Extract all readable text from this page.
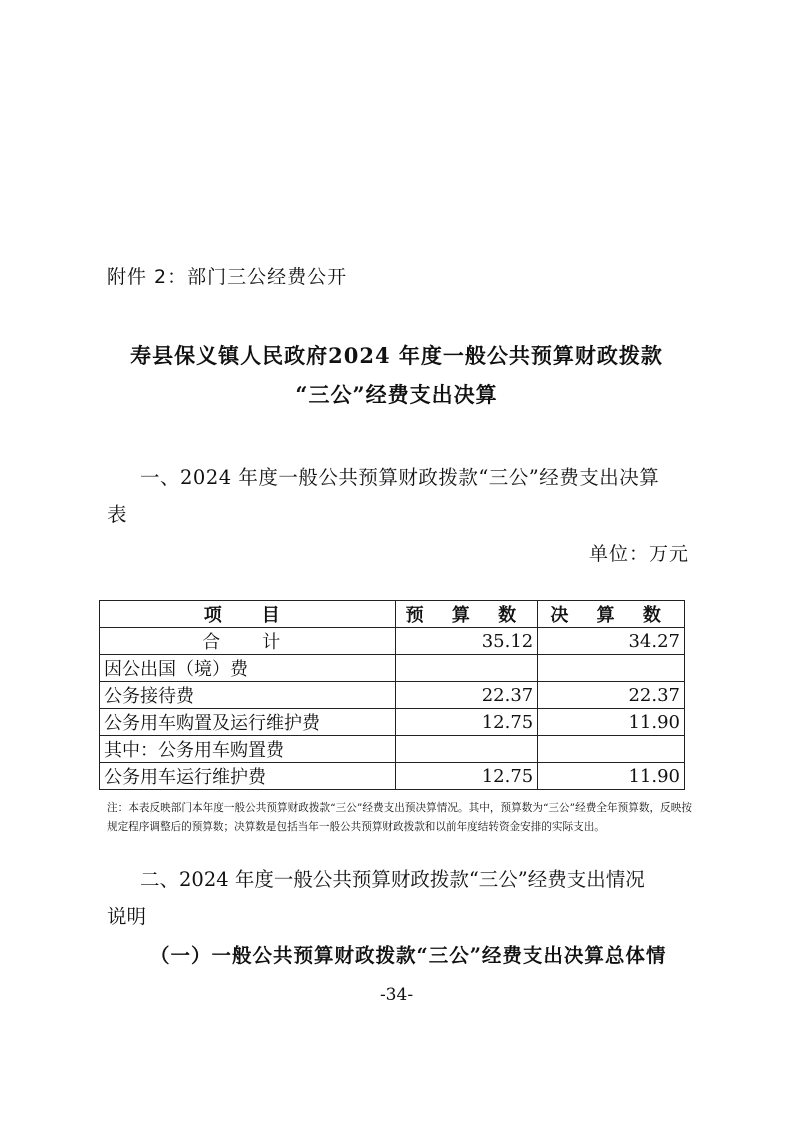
附件 2：部门三公经费公开
寿县保义镇人民政府2024 年度一般公共预算财政拨款
“三公”经费支出决算
一、2024 年度一般公共预算财政拨款“三公”经费支出决算
表
单位：万元
项　目	预 算 数	决 算 数
合　计	35.12	34.27
因公出国（境）费		
公务接待费	22.37	22.37
公务用车购置及运行维护费	12.75	11.90
其中：公务用车购置费		
公务用车运行维护费	12.75	11.90
注：本表反映部门本年度一般公共预算财政拨款“三公”经费支出预决算情况。其中，预算数为“三公”经费全年预算数，反映按规定程序调整后的预算数；决算数是包括当年一般公共预算财政拨款和以前年度结转资金安排的实际支出。
二、2024 年度一般公共预算财政拨款“三公”经费支出情况
说明
（一）一般公共预算财政拨款“三公”经费支出决算总体情
-34-
